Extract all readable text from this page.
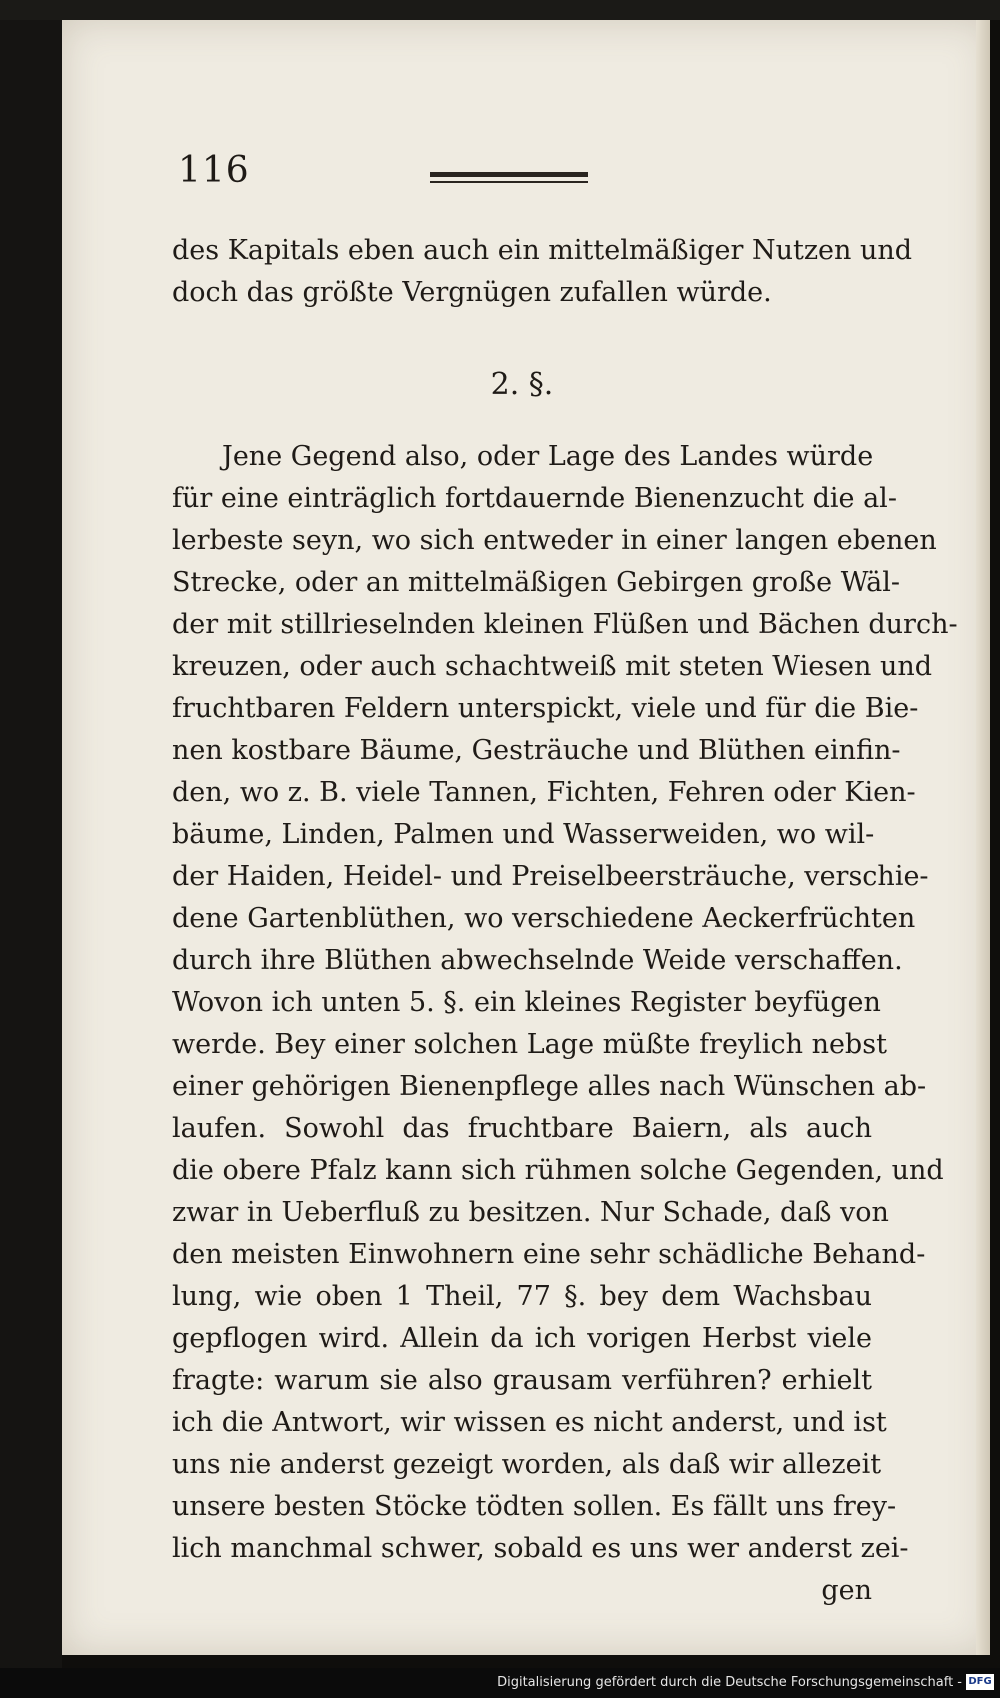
116
des Kapitals eben auch ein mittelmäßiger Nutzen und
doch das größte Vergnügen zufallen würde.
2. §.
Jene Gegend also, oder Lage des Landes würde
für eine einträglich fortdauernde Bienenzucht die al-
lerbeste seyn, wo sich entweder in einer langen ebenen
Strecke, oder an mittelmäßigen Gebirgen große Wäl-
der mit stillrieselnden kleinen Flüßen und Bächen durch-
kreuzen, oder auch schachtweiß mit steten Wiesen und
fruchtbaren Feldern unterspickt, viele und für die Bie-
nen kostbare Bäume, Gesträuche und Blüthen einfin-
den, wo z. B. viele Tannen, Fichten, Fehren oder Kien-
bäume, Linden, Palmen und Wasserweiden, wo wil-
der Haiden, Heidel- und Preiselbeersträuche, verschie-
dene Gartenblüthen, wo verschiedene Aeckerfrüchten
durch ihre Blüthen abwechselnde Weide verschaffen.
Wovon ich unten 5. §. ein kleines Register beyfügen
werde. Bey einer solchen Lage müßte freylich nebst
einer gehörigen Bienenpflege alles nach Wünschen ab-
laufen. Sowohl das fruchtbare Baiern, als auch
die obere Pfalz kann sich rühmen solche Gegenden, und
zwar in Ueberfluß zu besitzen. Nur Schade, daß von
den meisten Einwohnern eine sehr schädliche Behand-
lung, wie oben 1 Theil, 77 §. bey dem Wachsbau
gepflogen wird. Allein da ich vorigen Herbst viele
fragte: warum sie also grausam verführen? erhielt
ich die Antwort, wir wissen es nicht anderst, und ist
uns nie anderst gezeigt worden, als daß wir allezeit
unsere besten Stöcke tödten sollen. Es fällt uns frey-
lich manchmal schwer, sobald es uns wer anderst zei-
gen
Digitalisierung gefördert durch die Deutsche Forschungsgemeinschaft - DFG
